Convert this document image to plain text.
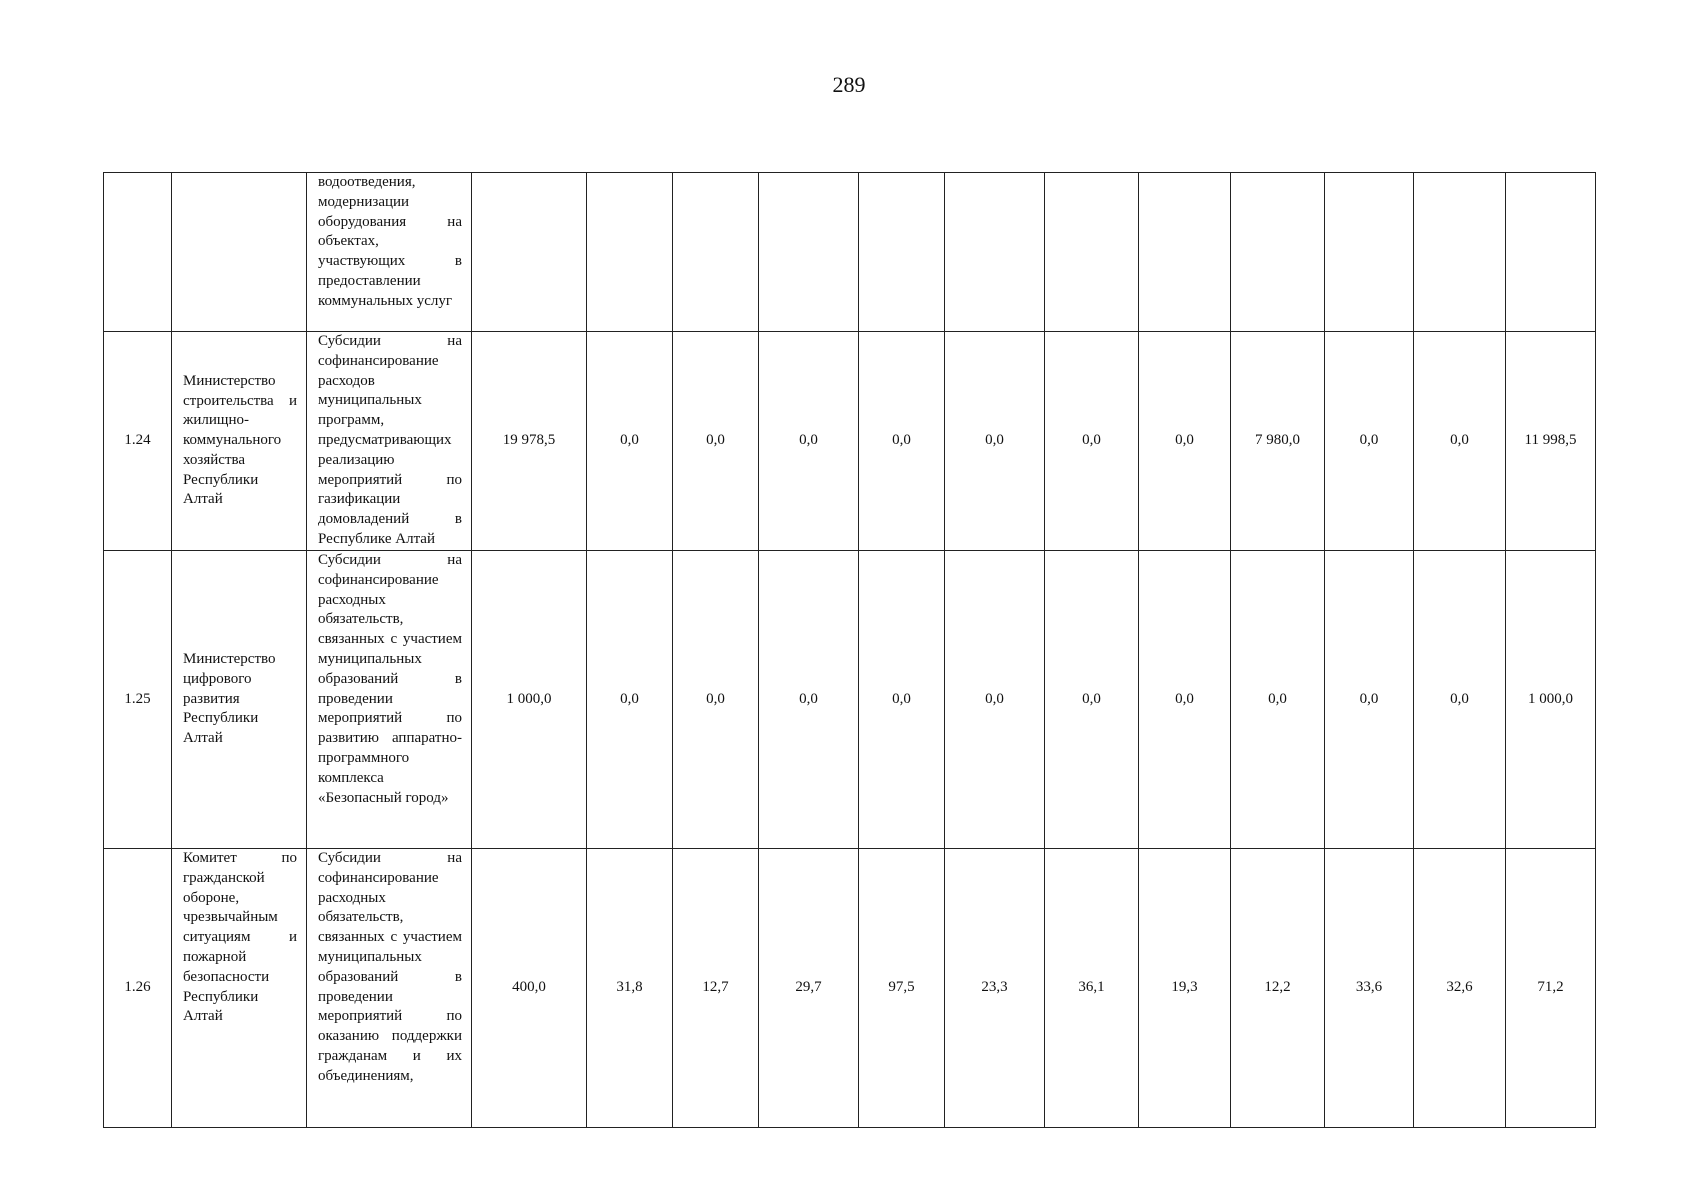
289

		водоотведения, модернизации оборудования на объектах, участвующих в предоставлении коммунальных услуг												

1.24	Министерство строительства и жилищно-коммунального хозяйства Республики Алтай	Субсидии на софинансирование расходов муниципальных программ, предусматривающих реализацию мероприятий по газификации домовладений в Республике Алтай	19 978,5	0,0	0,0	0,0	0,0	0,0	0,0	0,0	7 980,0	0,0	0,0	11 998,5
1.25	Министерство цифрового развития Республики Алтай	Субсидии на софинансирование расходных обязательств, связанных с участием муниципальных образований в проведении мероприятий по развитию аппаратно-программного комплекса «Безопасный город»	1 000,0	0,0	0,0	0,0	0,0	0,0	0,0	0,0	0,0	0,0	0,0	1 000,0
1.26	Комитет по гражданской обороне, чрезвычайным ситуациям и пожарной безопасности Республики Алтай	Субсидии на софинансирование расходных обязательств, связанных с участием муниципальных образований в проведении мероприятий по оказанию поддержки гражданам и их объединениям,	400,0	31,8	12,7	29,7	97,5	23,3	36,1	19,3	12,2	33,6	32,6	71,2
